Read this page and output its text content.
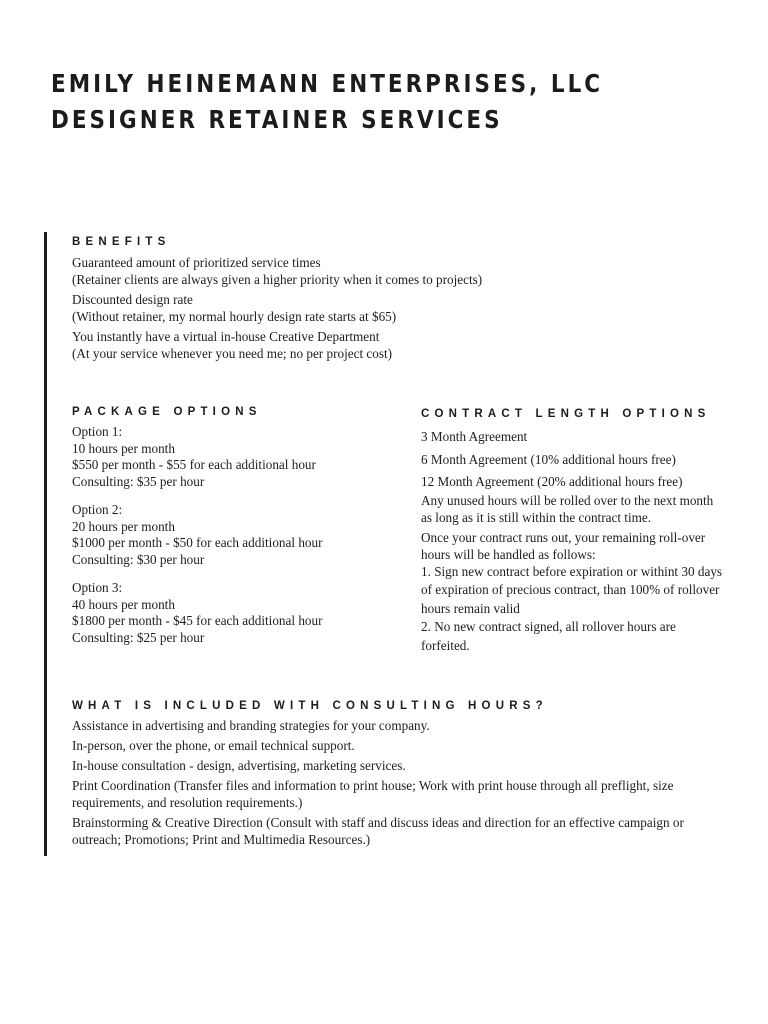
EMILY HEINEMANN ENTERPRISES, LLC
DESIGNER RETAINER SERVICES
BENEFITS

Guaranteed amount of prioritized service times

(Retainer clients are always given a higher priority when it comes to projects)

Discounted design rate

(Without retainer, my normal hourly design rate starts at $65)

You instantly have a virtual in-house Creative Department

(At your service whenever you need me; no per project cost)

PACKAGE OPTIONS

Option 1:

10 hours per month

$550 per month - $55 for each additional hour

Consulting: $35 per hour

Option 2:

20 hours per month

$1000 per month - $50 for each additional hour

Consulting: $30 per hour

Option 3:

40 hours per month

$1800 per month - $45 for each additional hour

Consulting: $25 per hour

CONTRACT LENGTH OPTIONS

3 Month Agreement

6 Month Agreement (10% additional hours free)

12 Month Agreement (20% additional hours free)

Any unused hours will be rolled over to the next month as long as it is still within the contract time.

Once your contract runs out, your remaining roll-over hours will be handled as follows:

1. Sign new contract before expiration or withint 30 days of expiration of precious contract, than 100% of rollover hours remain valid

2. No new contract signed, all rollover hours are forfeited.

WHAT IS INCLUDED WITH CONSULTING HOURS?

Assistance in advertising and branding strategies for your company.

In-person, over the phone, or email technical support.

In-house consultation - design, advertising, marketing services.

Print Coordination (Transfer files and information to print house; Work with print house through all preflight, size requirements, and resolution requirements.)

Brainstorming & Creative Direction (Consult with staff and discuss ideas and direction for an effective campaign or outreach; Promotions; Print and Multimedia Resources.)
